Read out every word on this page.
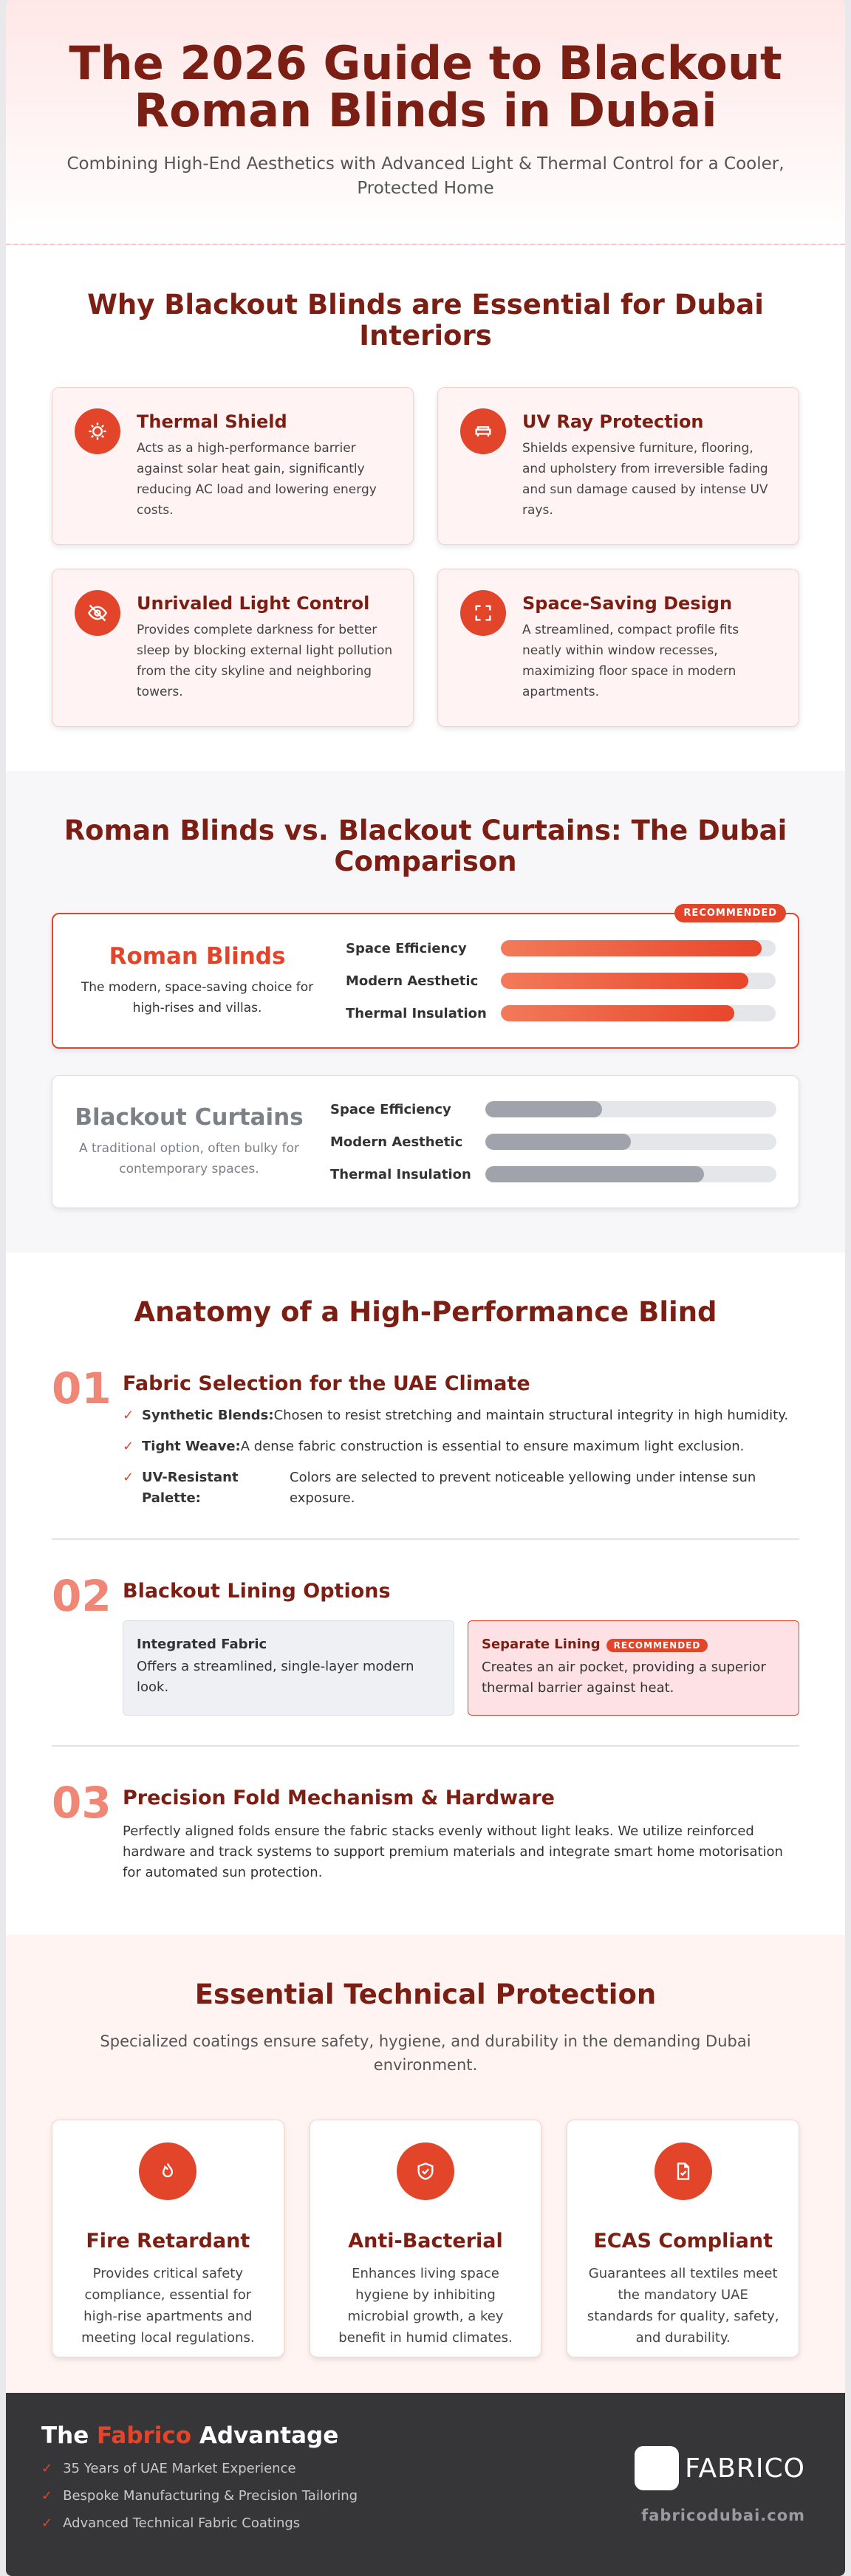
The 2026 Guide to Blackout Roman Blinds in Dubai

Combining High-End Aesthetics with Advanced Light & Thermal Control for a Cooler, Protected Home

Why Blackout Blinds are Essential for Dubai Interiors
Thermal Shield

Acts as a high-performance barrier against solar heat gain, significantly reducing AC load and lowering energy costs.

UV Ray Protection

Shields expensive furniture, flooring, and upholstery from irreversible fading and sun damage caused by intense UV rays.

Unrivaled Light Control

Provides complete darkness for better sleep by blocking external light pollution from the city skyline and neighboring towers.

Space-Saving Design

A streamlined, compact profile fits neatly within window recesses, maximizing floor space in modern apartments.

Roman Blinds vs. Blackout Curtains: The Dubai Comparison
RECOMMENDED
Roman Blinds

The modern, space-saving choice for high-rises and villas.

Space Efficiency
Modern Aesthetic
Thermal Insulation
Blackout Curtains

A traditional option, often bulky for contemporary spaces.

Space Efficiency
Modern Aesthetic
Thermal Insulation
Anatomy of a High-Performance Blind
01 Fabric Selection for the UAE Climate
✓ Synthetic Blends: Chosen to resist stretching and maintain structural integrity in high humidity.
✓ Tight Weave: A dense fabric construction is essential to ensure maximum light exclusion.
✓ UV-Resistant Palette:
Colors are selected to prevent noticeable yellowing under intense sun exposure.
02 Blackout Lining Options
Integrated Fabric
Offers a streamlined, single-layer modern look.
Separate Lining RECOMMENDED
Creates an air pocket, providing a superior thermal barrier against heat.
03 Precision Fold Mechanism & Hardware

Perfectly aligned folds ensure the fabric stacks evenly without light leaks. We utilize reinforced hardware and track systems to support premium materials and integrate smart home motorisation for automated sun protection.

Essential Technical Protection

Specialized coatings ensure safety, hygiene, and durability in the demanding Dubai environment.

Fire Retardant

Provides critical safety compliance, essential for high-rise apartments and meeting local regulations.

Anti-Bacterial

Enhances living space hygiene by inhibiting microbial growth, a key benefit in humid climates.

ECAS Compliant

Guarantees all textiles meet the mandatory UAE standards for quality, safety, and durability.

The Fabrico Advantage
✓ 35 Years of UAE Market Experience
✓ Bespoke Manufacturing & Precision Tailoring
✓ Advanced Technical Fabric Coatings
FABRICO
fabricodubai.com
